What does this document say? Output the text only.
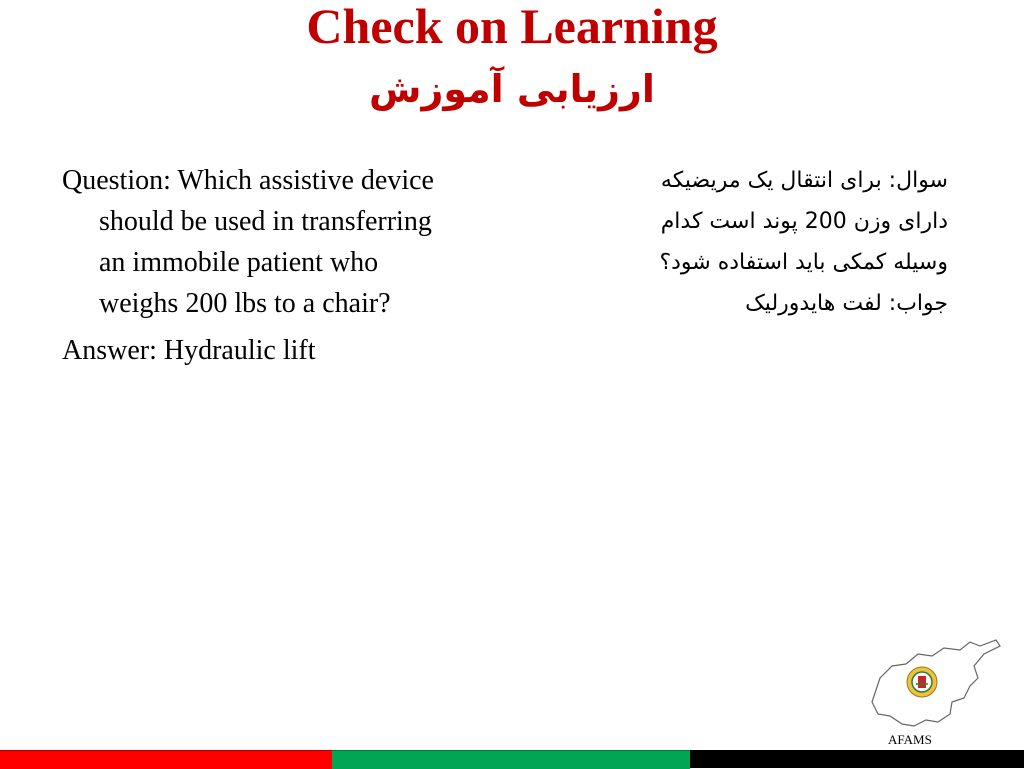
Check on Learning
ارزیابی آموزش

Question: Which assistive device should be used in transferring an immobile patient who weighs 200 lbs to a chair?

Answer: Hydraulic lift

سوال: برای انتقال یک مریضیکه

دارای وزن 200 پوند است کدام

وسیله کمکی باید استفاده شود؟

جواب: لفت هایدورلیک

AFAMS
